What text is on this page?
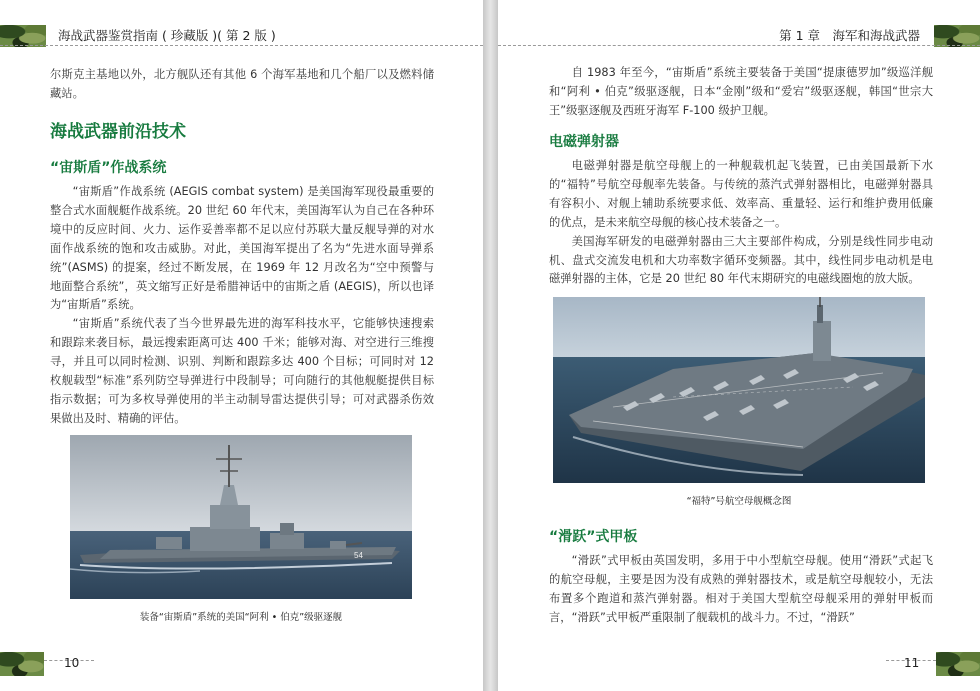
海战武器鉴赏指南 ( 珍藏版 )( 第 2 版 )

尔斯克主基地以外，北方舰队还有其他 6 个海军基地和几个船厂以及燃料储藏站。

海战武器前沿技术
“宙斯盾”作战系统

“宙斯盾”作战系统 (AEGIS combat system) 是美国海军现役最重要的整合式水面舰艇作战系统。20 世纪 60 年代末，美国海军认为自己在各种环境中的反应时间、火力、运作妥善率都不足以应付苏联大量反舰导弹的对水面作战系统的饱和攻击威胁。对此，美国海军提出了名为“先进水面导弹系统”(ASMS) 的提案，经过不断发展，在 1969 年 12 月改名为“空中预警与地面整合系统”，英文缩写正好是希腊神话中的宙斯之盾 (AEGIS)，所以也译为“宙斯盾”系统。

“宙斯盾”系统代表了当今世界最先进的海军科技水平，它能够快速搜索和跟踪来袭目标，最远搜索距离可达 400 千米；能够对海、对空进行三维搜寻，并且可以同时检测、识别、判断和跟踪多达 400 个目标；可同时对 12 枚舰载型“标准”系列防空导弹进行中段制导；可向随行的其他舰艇提供目标指示数据；可为多枚导弹使用的半主动制导雷达提供引导；可对武器杀伤效果做出及时、精确的评估。

54
装备“宙斯盾”系统的美国“阿利 • 伯克”级驱逐舰
10
第 1 章　海军和海战武器

自 1983 年至今，“宙斯盾”系统主要装备于美国“提康德罗加”级巡洋舰和“阿利 • 伯克”级驱逐舰，日本“金刚”级和“爱宕”级驱逐舰，韩国“世宗大王”级驱逐舰及西班牙海军 F-100 级护卫舰。

电磁弹射器

电磁弹射器是航空母舰上的一种舰载机起飞装置，已由美国最新下水的“福特”号航空母舰率先装备。与传统的蒸汽式弹射器相比，电磁弹射器具有容积小、对舰上辅助系统要求低、效率高、重量轻、运行和维护费用低廉的优点，是未来航空母舰的核心技术装备之一。

美国海军研发的电磁弹射器由三大主要部件构成，分别是线性同步电动机、盘式交流发电机和大功率数字循环变频器。其中，线性同步电动机是电磁弹射器的主体，它是 20 世纪 80 年代末期研究的电磁线圈炮的放大版。

“福特”号航空母舰概念图
“滑跃”式甲板

“滑跃”式甲板由英国发明，多用于中小型航空母舰。使用“滑跃”式起飞的航空母舰，主要是因为没有成熟的弹射器技术，或是航空母舰较小，无法布置多个跑道和蒸汽弹射器。相对于美国大型航空母舰采用的弹射甲板而言，“滑跃”式甲板严重限制了舰载机的战斗力。不过，“滑跃”

11
